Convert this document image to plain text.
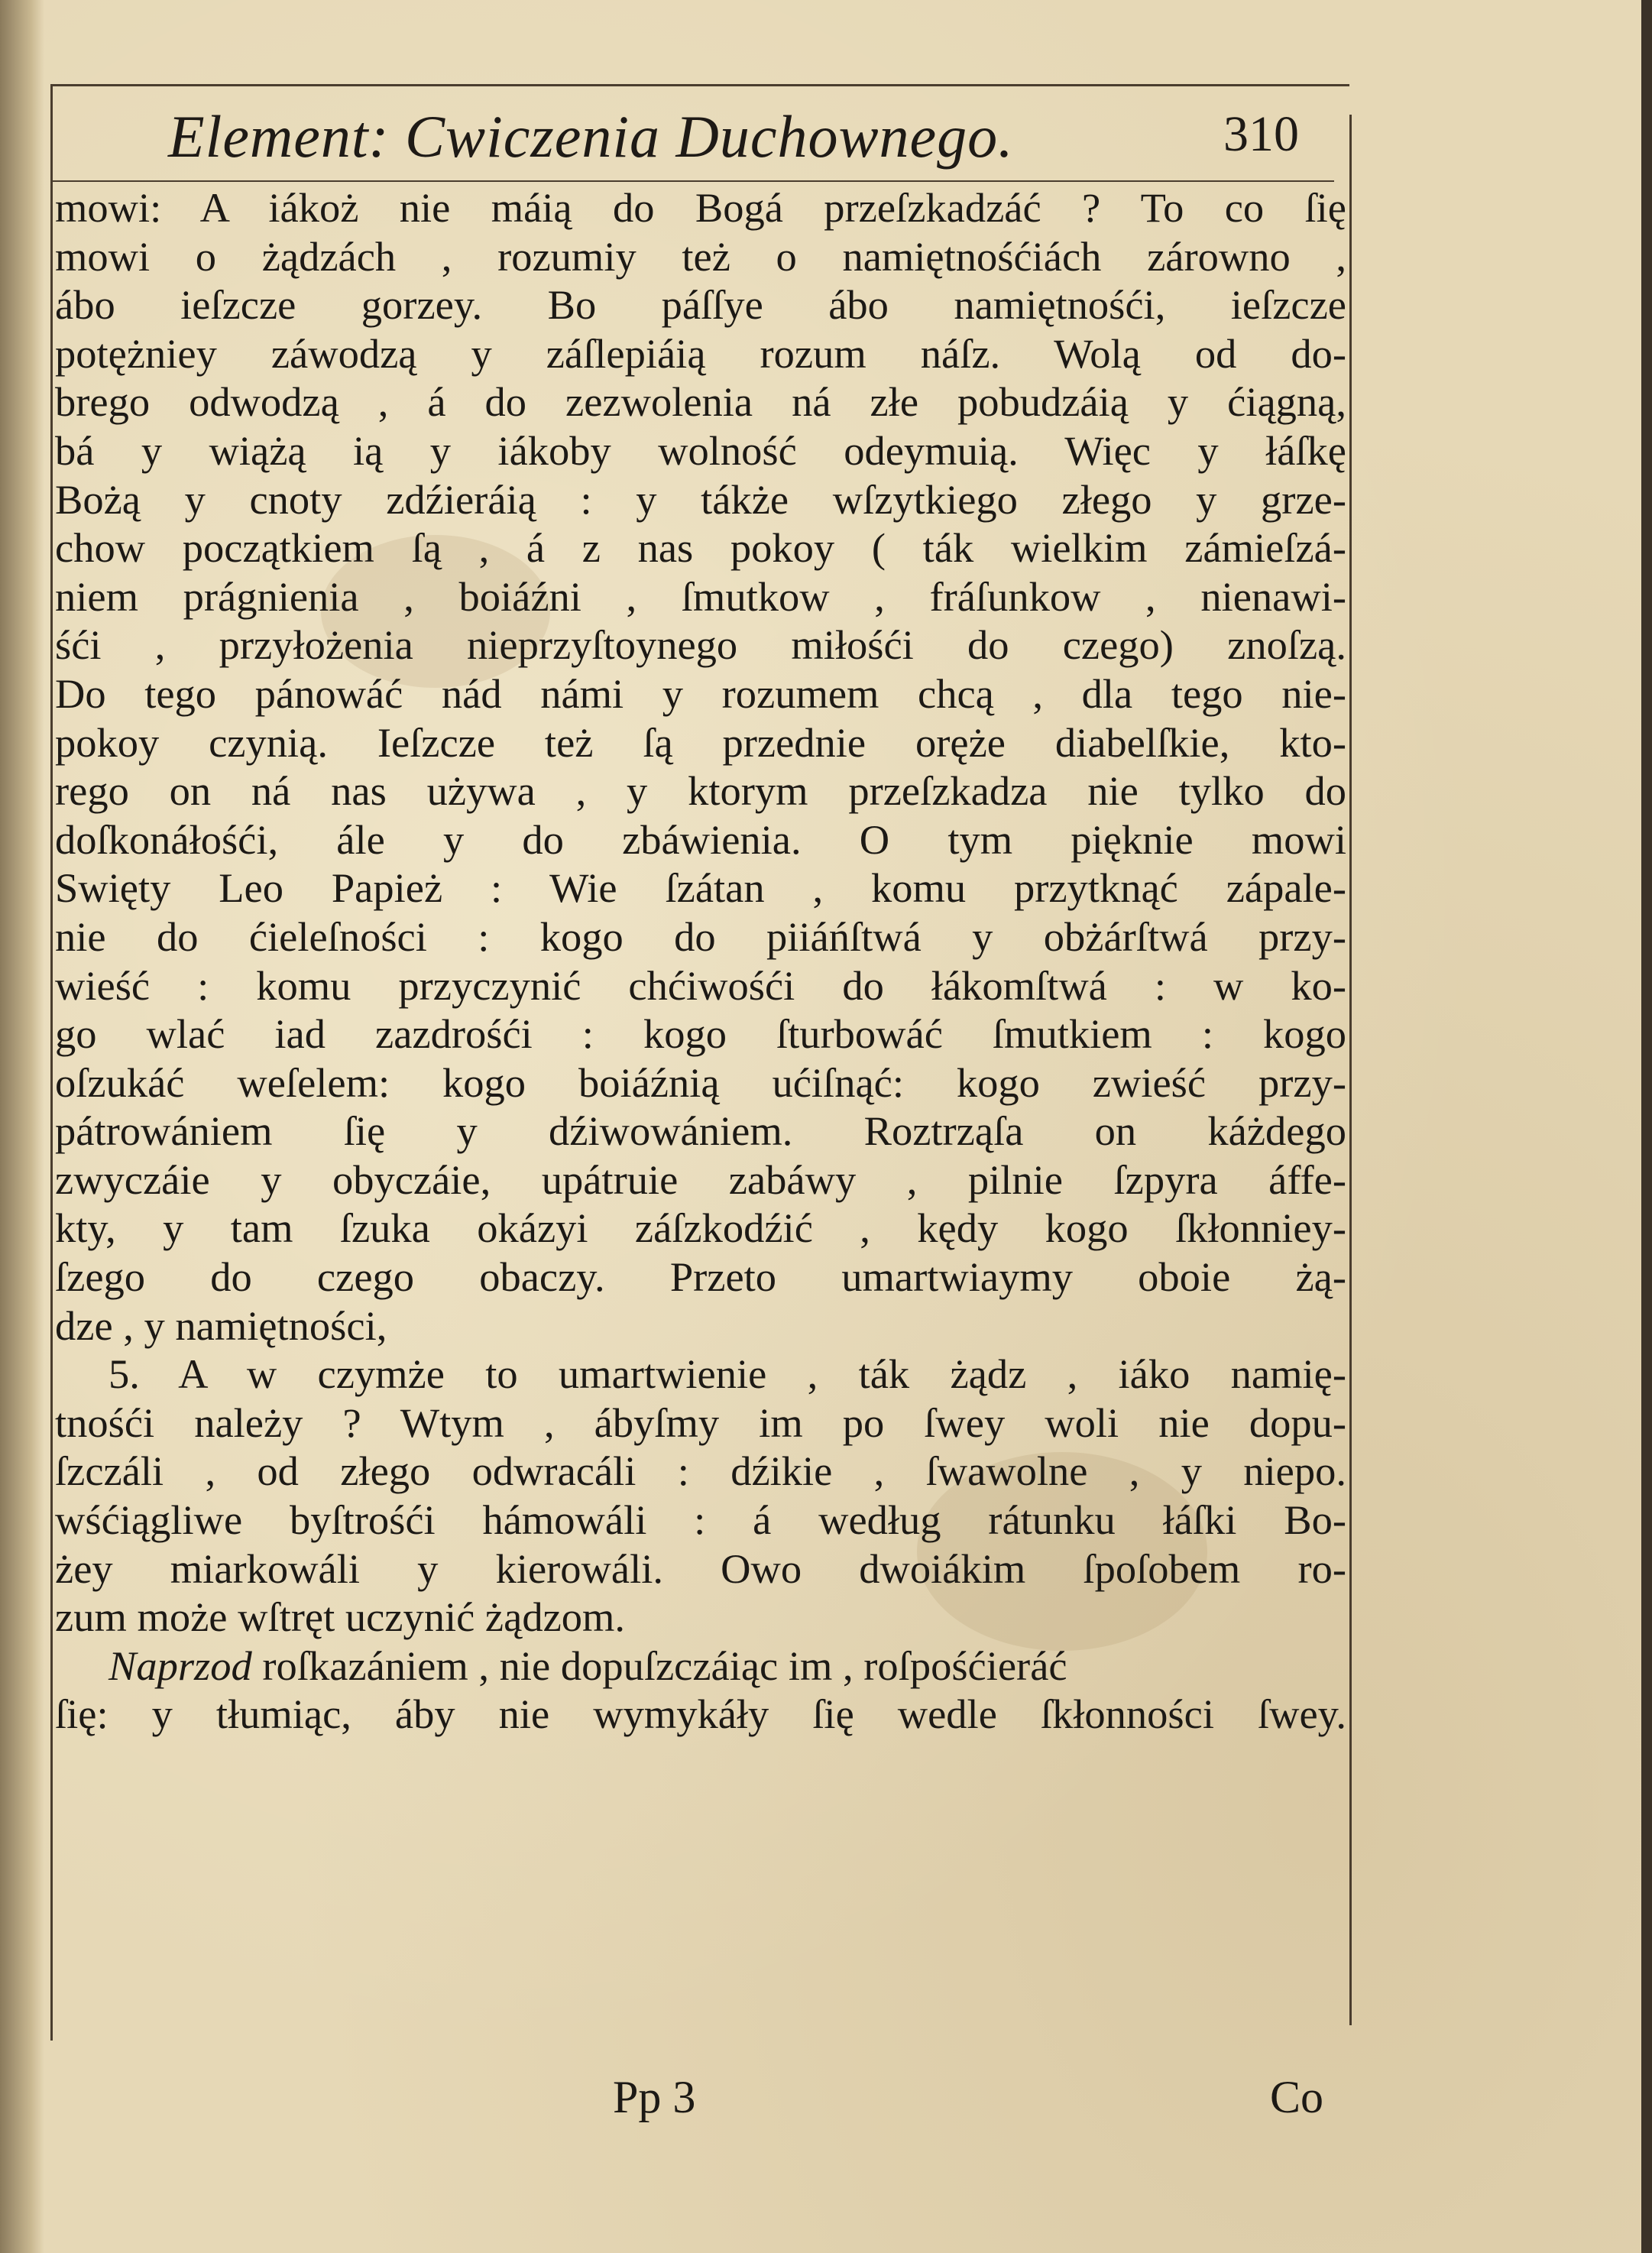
Element: Cwiczenia Duchownego.	310
mowi: A iákoż nie máią do Bogá przeſzkadzáć ? To co ſię
mowi o żądzách , rozumiy też o namiętnośćiách zárowno ,
ábo ieſzcze gorzey. Bo páſſye ábo namiętnośći, ieſzcze
potężniey záwodzą y záſlepiáią rozum náſz. Wolą od do-
brego odwodzą , á do zezwolenia ná złe pobudzáią y ćiągną,
bá y wiążą ią y iákoby wolność odeymuią. Więc y łáſkę
Bożą y cnoty zdźieráią : y tákże wſzytkiego złego y grze-
chow początkiem ſą , á z nas pokoy ( ták wielkim zámieſzá-
niem prágnienia , boiáźni , ſmutkow , fráſunkow , nienawi-
śći , przyłożenia nieprzyſtoynego miłośći do czego) znoſzą.
Do tego pánowáć nád námi y rozumem chcą , dla tego nie-
pokoy czynią. Ieſzcze też ſą przednie oręże diabelſkie, kto-
rego on ná nas używa , y ktorym przeſzkadza nie tylko do
doſkonáłośći, ále y do zbáwienia. O tym pięknie mowi
Swięty Leo Papież : Wie ſzátan , komu przytknąć zápale-
nie do ćieleſności : kogo do piiáńſtwá y obżárſtwá przy-
wieść : komu przyczynić chćiwośći do łákomſtwá : w ko-
go wlać iad zazdrośći : kogo ſturbowáć ſmutkiem : kogo
oſzukáć weſelem: kogo boiáźnią ućiſnąć: kogo zwieść przy-
pátrowániem ſię y dźiwowániem. Roztrząſa on káżdego
zwyczáie y obyczáie, upátruie zabáwy , pilnie ſzpyra áffe-
kty, y tam ſzuka okázyi záſzkodźić , kędy kogo ſkłonniey-
ſzego do czego obaczy. Przeto umartwiaymy oboie żą-
dze , y namiętności,
5. A w czymże to umartwienie , ták żądz , iáko namię-
tnośći należy ? Wtym , ábyſmy im po ſwey woli nie dopu-
ſzczáli , od złego odwracáli : dźikie , ſwawolne , y niepo.
wśćiągliwe byſtrośći hámowáli : á według rátunku łáſki Bo-
żey miarkowáli y kierowáli. Owo dwoiákim ſpoſobem ro-
zum może wſtręt uczynić żądzom.
Naprzod roſkazániem , nie dopuſzczáiąc im , roſpośćieráć
ſię: y tłumiąc, áby nie wymykáły ſię wedle ſkłonności ſwey.
Pp 3	Co
